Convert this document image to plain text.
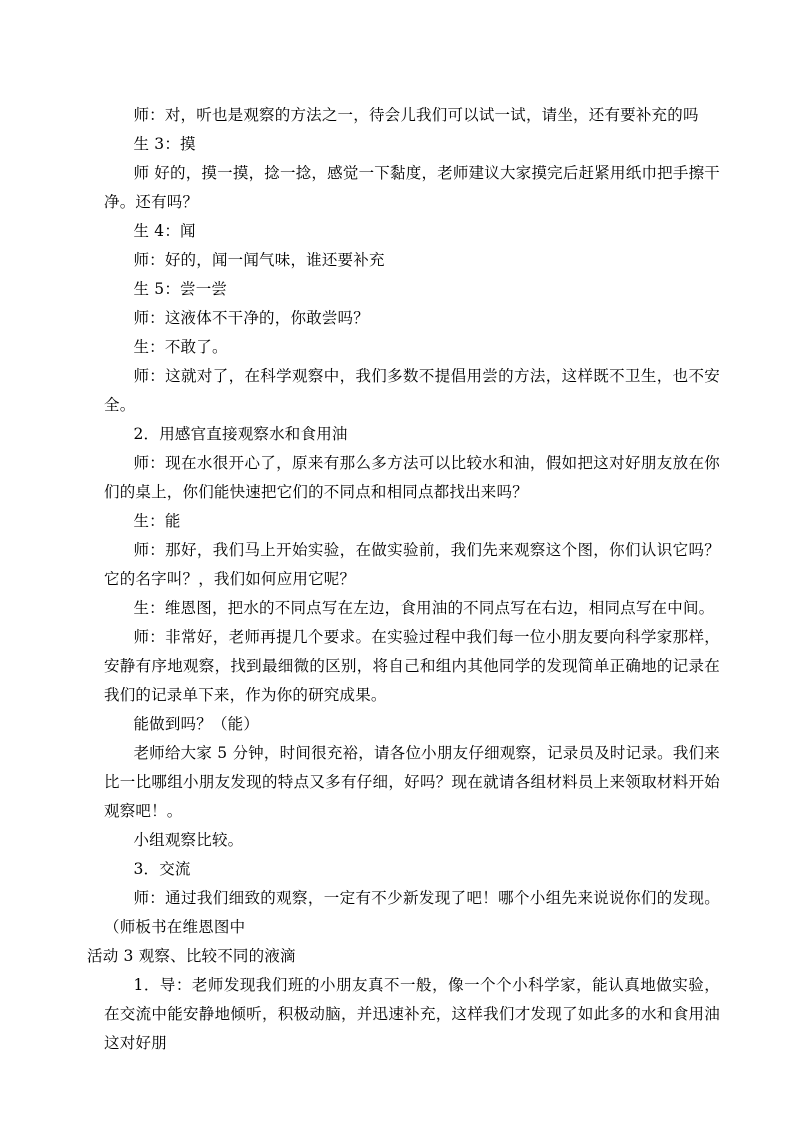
师：对，听也是观察的方法之一，待会儿我们可以试一试，请坐，还有要补充的吗

生 3：摸

师 好的，摸一摸，捻一捻，感觉一下黏度，老师建议大家摸完后赶紧用纸巾把手擦干净。还有吗？

生 4：闻

师：好的，闻一闻气味，谁还要补充

生 5：尝一尝

师：这液体不干净的，你敢尝吗？

生：不敢了。

师：这就对了，在科学观察中，我们多数不提倡用尝的方法，这样既不卫生，也不安全。

2．用感官直接观察水和食用油

师：现在水很开心了，原来有那么多方法可以比较水和油，假如把这对好朋友放在你们的桌上，你们能快速把它们的不同点和相同点都找出来吗？

生：能

师：那好，我们马上开始实验，在做实验前，我们先来观察这个图，你们认识它吗？它的名字叫？，我们如何应用它呢？

生：维恩图，把水的不同点写在左边，食用油的不同点写在右边，相同点写在中间。

师：非常好，老师再提几个要求。在实验过程中我们每一位小朋友要向科学家那样，安静有序地观察，找到最细微的区别，将自己和组内其他同学的发现简单正确地的记录在我们的记录单下来，作为你的研究成果。

能做到吗？（能）

老师给大家 5 分钟，时间很充裕，请各位小朋友仔细观察，记录员及时记录。我们来比一比哪组小朋友发现的特点又多有仔细，好吗？现在就请各组材料员上来领取材料开始观察吧！。

小组观察比较。

3．交流

师：通过我们细致的观察，一定有不少新发现了吧！哪个小组先来说说你们的发现。（师板书在维恩图中

活动 3 观察、比较不同的液滴

1．导：老师发现我们班的小朋友真不一般，像一个个小科学家，能认真地做实验，在交流中能安静地倾听，积极动脑，并迅速补充，这样我们才发现了如此多的水和食用油这对好朋
